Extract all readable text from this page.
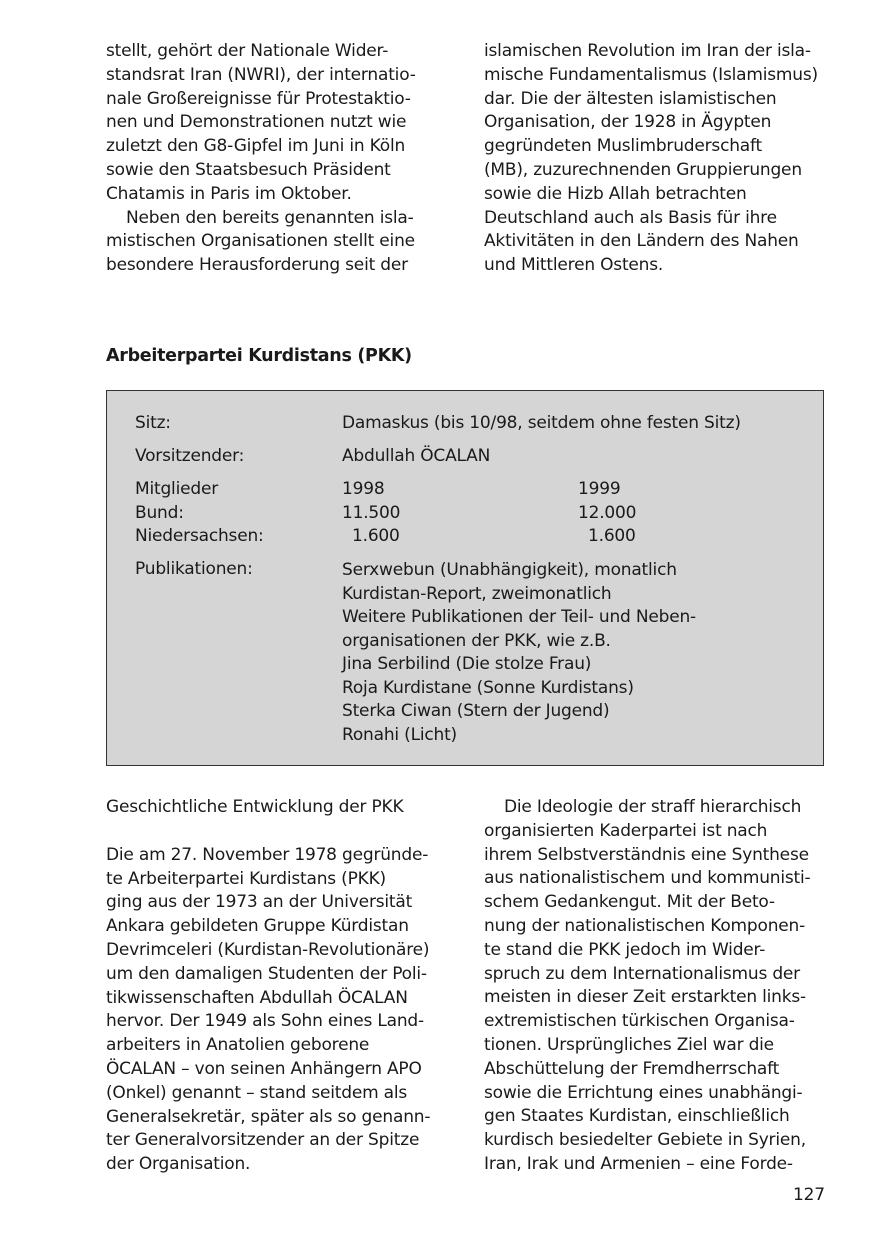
stellt, gehört der Nationale Wider-
standsrat Iran (NWRI), der internatio-
nale Großereignisse für Protestaktio-
nen und Demonstrationen nutzt wie
zuletzt den G8-Gipfel im Juni in Köln
sowie den Staatsbesuch Präsident
Chatamis in Paris im Oktober.
Neben den bereits genannten isla-
mistischen Organisationen stellt eine
besondere Herausforderung seit der
islamischen Revolution im Iran der isla-
mische Fundamentalismus (Islamismus)
dar. Die der ältesten islamistischen
Organisation, der 1928 in Ägypten
gegründeten Muslimbruderschaft
(MB), zuzurechnenden Gruppierungen
sowie die Hizb Allah betrachten
Deutschland auch als Basis für ihre
Aktivitäten in den Ländern des Nahen
und Mittleren Ostens.
Arbeiterpartei Kurdistans (PKK)
Sitz:	Damaskus (bis 10/98, seitdem ohne festen Sitz)
Vorsitzender:	Abdullah ÖCALAN
Mitglieder	1998	1999
Bund:	11.500	12.000
Niedersachsen:	1.600	1.600
Publikationen:	Serxwebun (Unabhängigkeit), monatlich
Kurdistan-Report, zweimonatlich
Weitere Publikationen der Teil- und Neben-
organisationen der PKK, wie z.B.
Jina Serbilind (Die stolze Frau)
Roja Kurdistane (Sonne Kurdistans)
Sterka Ciwan (Stern der Jugend)
Ronahi (Licht)
Geschichtliche Entwicklung der PKK
Die am 27. November 1978 gegründe-
te Arbeiterpartei Kurdistans (PKK)
ging aus der 1973 an der Universität
Ankara gebildeten Gruppe Kürdistan
Devrimceleri (Kurdistan-Revolutionäre)
um den damaligen Studenten der Poli-
tikwissenschaften Abdullah ÖCALAN
hervor. Der 1949 als Sohn eines Land-
arbeiters in Anatolien geborene
ÖCALAN – von seinen Anhängern APO
(Onkel) genannt – stand seitdem als
Generalsekretär, später als so genann-
ter Generalvorsitzender an der Spitze
der Organisation.
Die Ideologie der straff hierarchisch
organisierten Kaderpartei ist nach
ihrem Selbstverständnis eine Synthese
aus nationalistischem und kommunisti-
schem Gedankengut. Mit der Beto-
nung der nationalistischen Komponen-
te stand die PKK jedoch im Wider-
spruch zu dem Internationalismus der
meisten in dieser Zeit erstarkten links-
extremistischen türkischen Organisa-
tionen. Ursprüngliches Ziel war die
Abschüttelung der Fremdherrschaft
sowie die Errichtung eines unabhängi-
gen Staates Kurdistan, einschließlich
kurdisch besiedelter Gebiete in Syrien,
Iran, Irak und Armenien – eine Forde-
127
